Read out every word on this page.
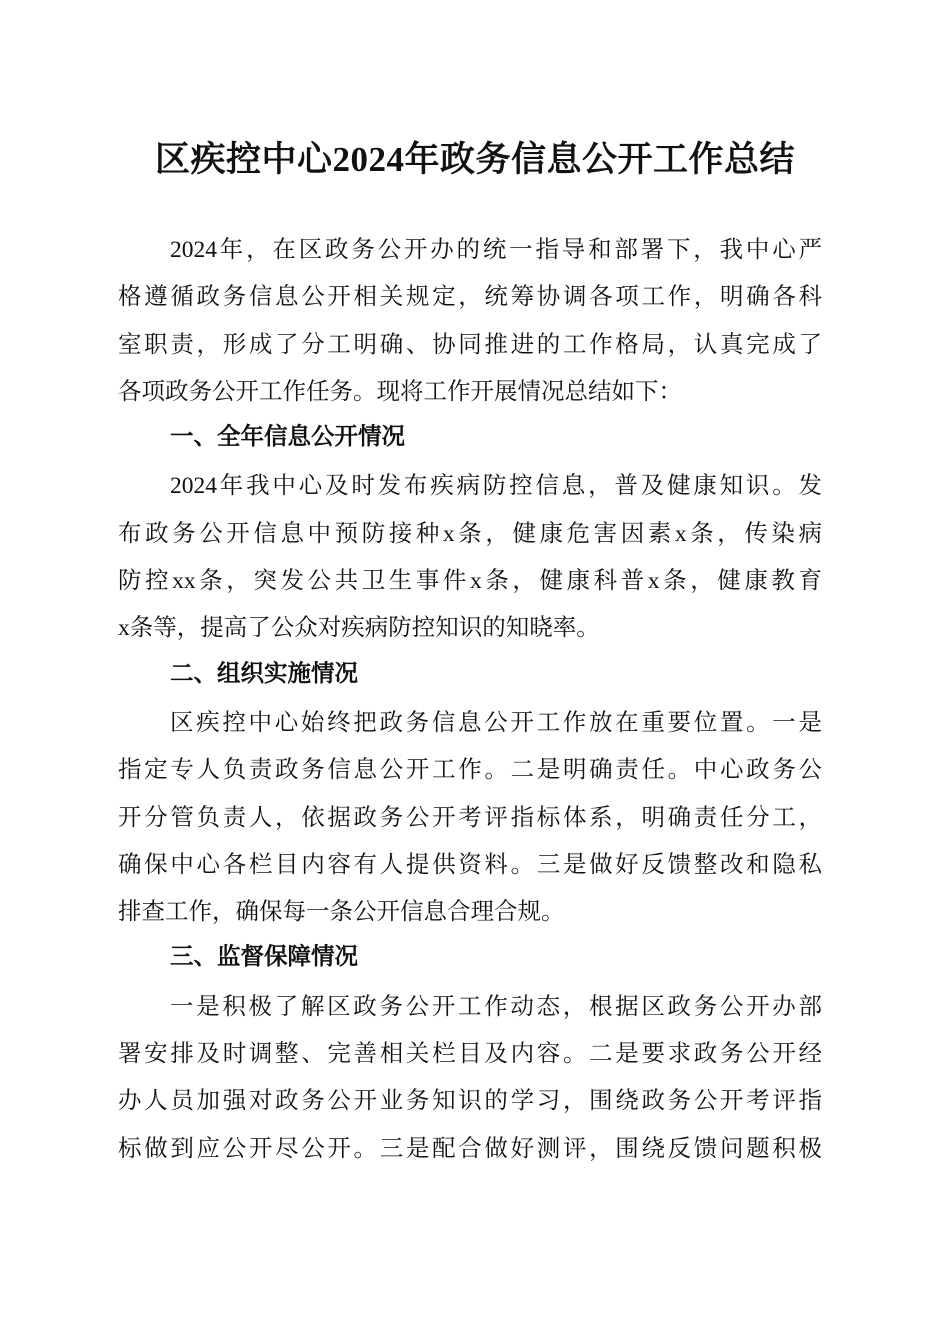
区疾控中心2024年政务信息公开工作总结
2024年，在区政务公开办的统一指导和部署下，我中心严
格遵循政务信息公开相关规定，统筹协调各项工作，明确各科
室职责，形成了分工明确、协同推进的工作格局，认真完成了
各项政务公开工作任务。现将工作开展情况总结如下：
一、全年信息公开情况
2024年我中心及时发布疾病防控信息，普及健康知识。发
布政务公开信息中预防接种x条，健康危害因素x条，传染病
防控xx条，突发公共卫生事件x条，健康科普x条，健康教育
x条等，提高了公众对疾病防控知识的知晓率。
二、组织实施情况
区疾控中心始终把政务信息公开工作放在重要位置。一是
指定专人负责政务信息公开工作。二是明确责任。中心政务公
开分管负责人，依据政务公开考评指标体系，明确责任分工，
确保中心各栏目内容有人提供资料。三是做好反馈整改和隐私
排查工作，确保每一条公开信息合理合规。
三、监督保障情况
一是积极了解区政务公开工作动态，根据区政务公开办部
署安排及时调整、完善相关栏目及内容。二是要求政务公开经
办人员加强对政务公开业务知识的学习，围绕政务公开考评指
标做到应公开尽公开。三是配合做好测评，围绕反馈问题积极
